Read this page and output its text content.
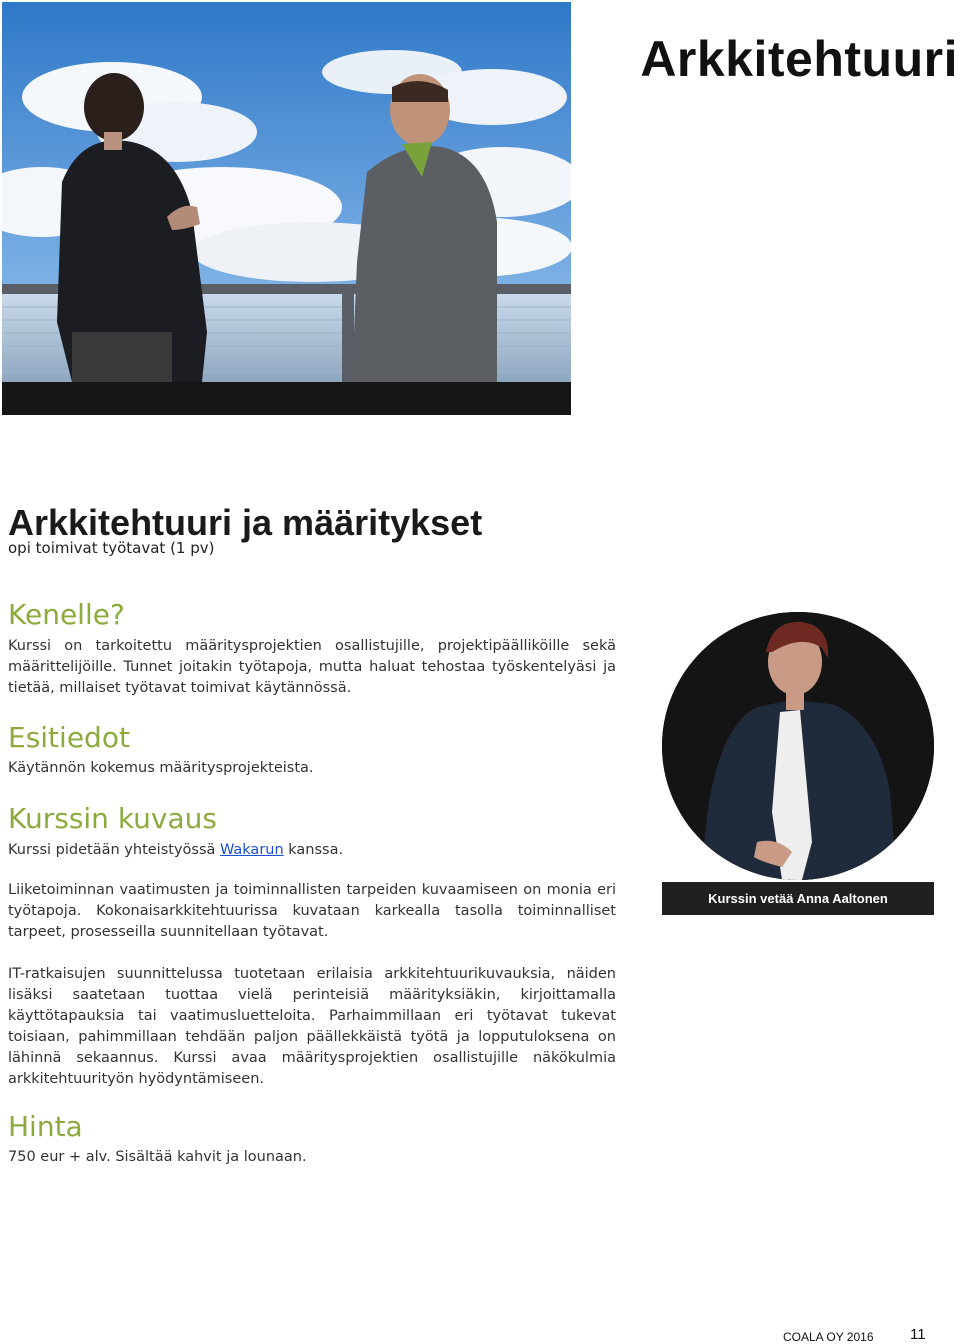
Arkkitehtuuri
Arkkitehtuuri ja määritykset

opi toimivat työtavat (1 pv)

Kenelle?

Kurssi on tarkoitettu määritysprojektien osallistujille, projektipäälliköille sekä määrittelijöille. Tunnet joitakin työtapoja, mutta haluat tehostaa työskentelyäsi ja tietää, millaiset työtavat toimivat käytännössä.

Esitiedot

Käytännön kokemus määritysprojekteista.

Kurssin kuvaus

Kurssi pidetään yhteistyössä Wakarun kanssa.

Liiketoiminnan vaatimusten ja toiminnallisten tarpeiden kuvaamiseen on monia eri työtapoja. Kokonaisarkkitehtuurissa kuvataan karkealla tasolla toiminnalliset tarpeet, prosesseilla suunnitellaan työtavat.

IT-ratkaisujen suunnittelussa tuotetaan erilaisia arkkitehtuurikuvauksia, näiden lisäksi saatetaan tuottaa vielä perinteisiä määrityksiäkin, kirjoittamalla käyttötapauksia tai vaatimusluetteloita. Parhaimmillaan eri työtavat tukevat toisiaan, pahimmillaan tehdään paljon päällekkäistä työtä ja lopputuloksena on lähinnä sekaannus. Kurssi avaa määritysprojektien osallistujille näkökulmia arkkitehtuurityön hyödyntämiseen.

Hinta

750 eur + alv. Sisältää kahvit ja lounaan.

Kurssin vetää Anna Aaltonen
COALA OY 2016 11
